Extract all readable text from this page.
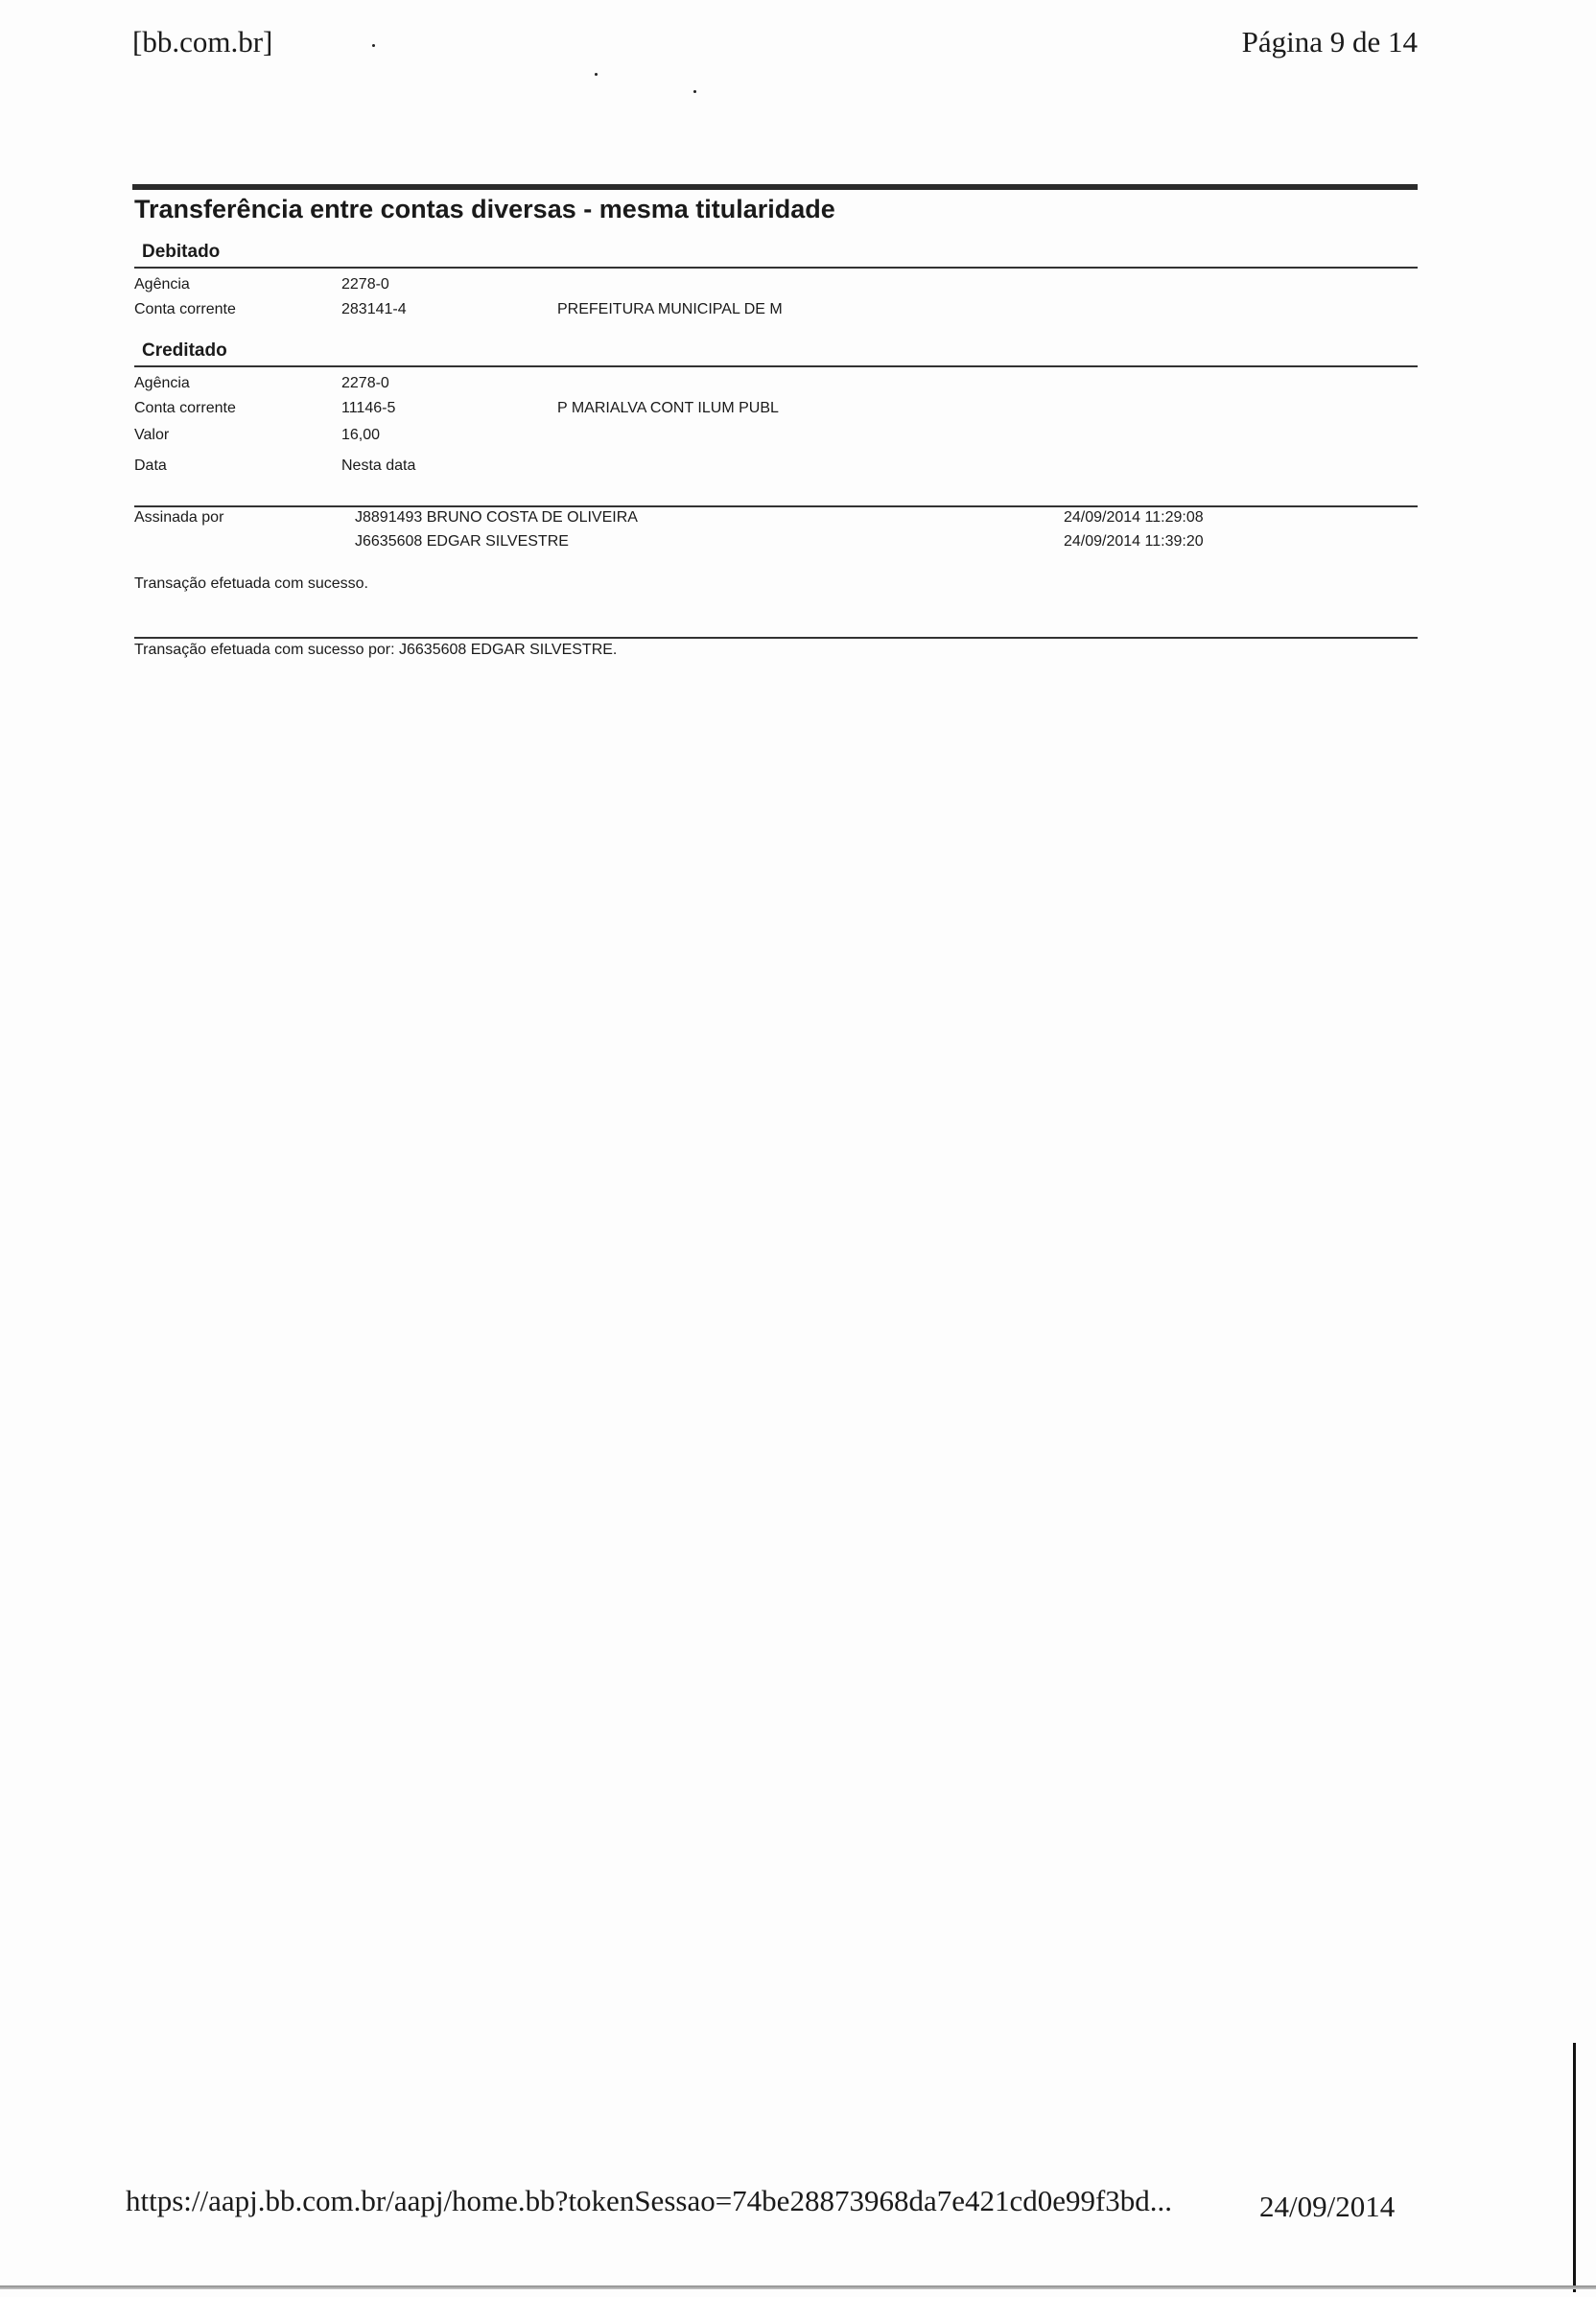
[bb.com.br]	Página 9 de 14
Transferência entre contas diversas - mesma titularidade
Debitado
Agência	2278-0
Conta corrente	283141-4	PREFEITURA MUNICIPAL DE M
Creditado
Agência	2278-0
Conta corrente	11146-5	P MARIALVA CONT ILUM PUBL
Valor	16,00
Data	Nesta data
Assinada por	J8891493 BRUNO COSTA DE OLIVEIRA	24/09/2014 11:29:08
J6635608 EDGAR SILVESTRE	24/09/2014 11:39:20
Transação efetuada com sucesso.
Transação efetuada com sucesso por: J6635608 EDGAR SILVESTRE.
https://aapj.bb.com.br/aapj/home.bb?tokenSessao=74be28873968da7e421cd0e99f3bd...	24/09/2014
